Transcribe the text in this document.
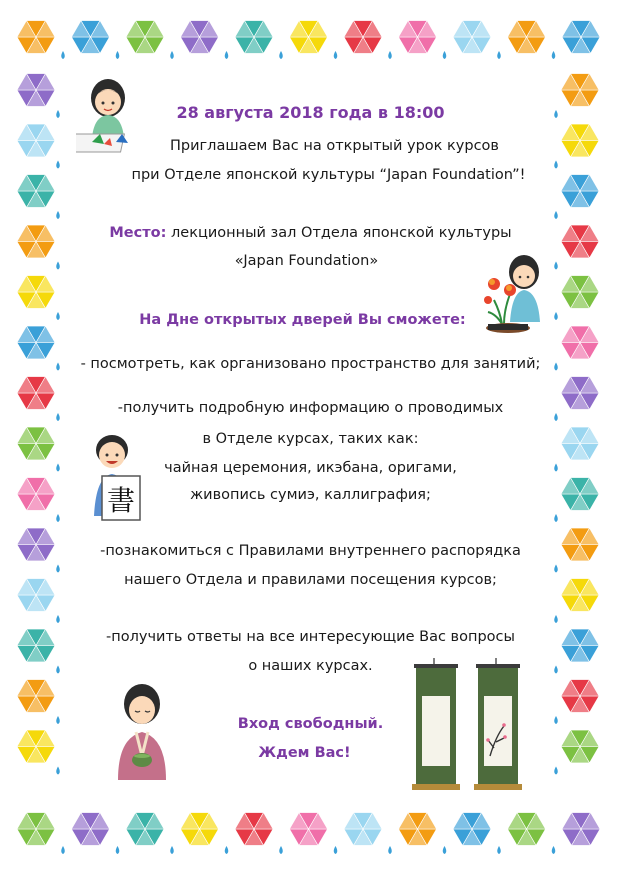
28 августа 2018 года в 18:00
Приглашаем Вас на открытый урок курсов
при Отделе японской культуры “Japan Foundation”!
Место: лекционный зал Отдела японской культуры
«Japan Foundation»
На Дне открытых дверей Вы сможете:
- посмотреть, как организовано пространство для занятий;
-получить подробную информацию о проводимых
в Отделе курсах, таких как:
чайная церемония, икэбана, оригами,
живопись сумиэ, каллиграфия;
-познакомиться с Правилами внутреннего распорядка
нашего Отдела и правилами посещения курсов;
-получить ответы на все интересующие Вас вопросы
о наших курсах.
Вход свободный.
Ждем Вас!
書
